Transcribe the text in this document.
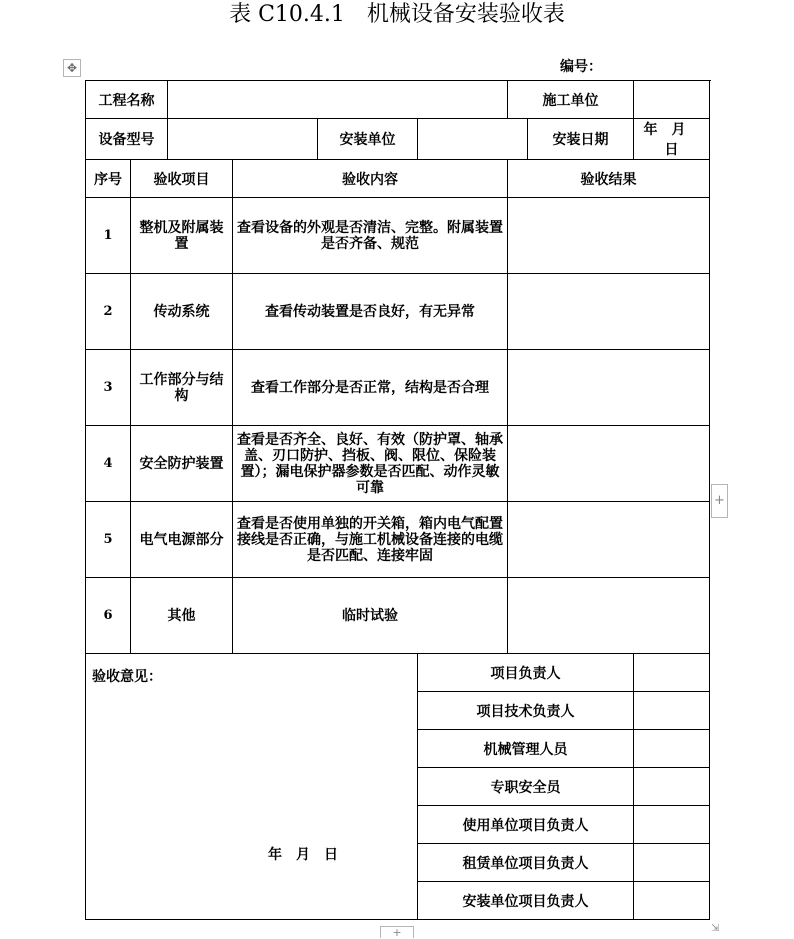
表 C10.4.1　机械设备安装验收表
✥	编号：
工程名称						施工单位		
设备型号				安装单位			安装日期	年 月日
序号	验收项目		验收内容			验收结果		
1	整机及附属装置		查看设备的外观是否清洁、完整。附属装置是否齐备、规范					
2	传动系统		查看传动装置是否良好，有无异常					
3	工作部分与结构		查看工作部分是否正常，结构是否合理					
4	安全防护装置		查看是否齐全、良好、有效（防护罩、轴承盖、刃口防护、挡板、阀、限位、保险装置）；漏电保护器参数是否匹配、动作灵敏可靠					
5	电气电源部分		查看是否使用单独的开关箱，箱内电气配置接线是否正确，与施工机械设备连接的电缆是否匹配、连接牢固					
6	其他		临时试验					

验收意见：
年 月 日					项目负责人			
					项目技术负责人			
					机械管理人员			
					专职安全员			
					使用单位项目负责人			
					租赁单位项目负责人			
					安装单位项目负责人			
+
+	⇲
